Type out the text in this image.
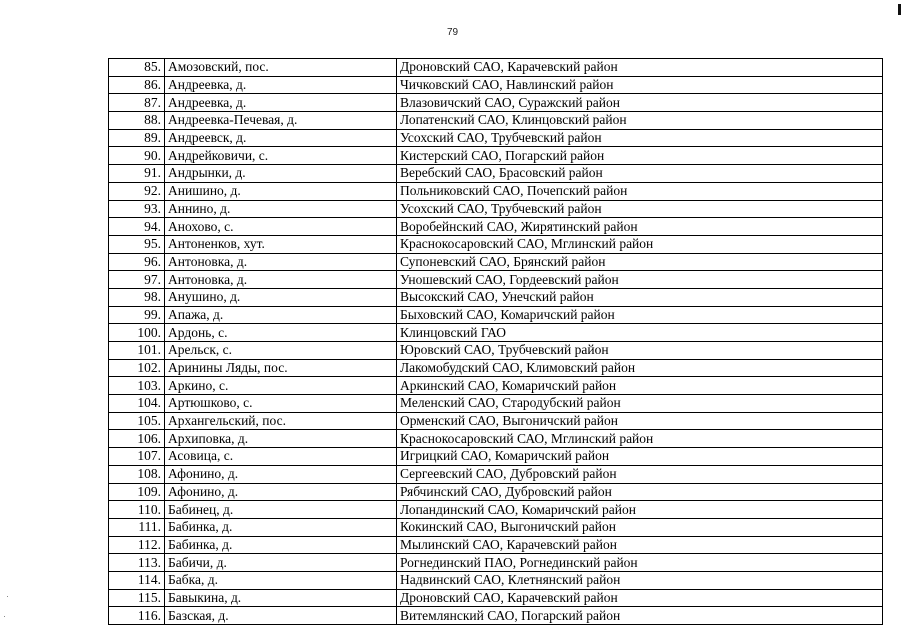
79
85.	Амозовский, пос.	Дроновский САО, Карачевский район
86.	Андреевка, д.	Чичковский САО, Навлинский район
87.	Андреевка, д.	Влазовичский САО, Суражский район
88.	Андреевка-Печевая, д.	Лопатенский САО, Клинцовский район
89.	Андреевск, д.	Усохский САО, Трубчевский район
90.	Андрейковичи, с.	Кистерский САО, Погарский район
91.	Андрынки, д.	Веребский САО, Брасовский район
92.	Анишино, д.	Польниковский САО, Почепский район
93.	Аннино, д.	Усохский САО, Трубчевский район
94.	Анохово, с.	Воробейнский САО, Жирятинский район
95.	Антоненков, хут.	Краснокосаровский САО, Мглинский район
96.	Антоновка, д.	Супоневский САО, Брянский район
97.	Антоновка, д.	Уношевский САО, Гордеевский район
98.	Анушино, д.	Высокский САО, Унечский район
99.	Апажа, д.	Быховский САО, Комаричский район
100.	Ардонь, с.	Клинцовский ГАО
101.	Арельск, с.	Юровский САО, Трубчевский район
102.	Аринины Ляды, пос.	Лакомобудский САО, Климовский район
103.	Аркино, с.	Аркинский САО, Комаричский район
104.	Артюшково, с.	Меленский САО, Стародубский район
105.	Архангельский, пос.	Орменский САО, Выгоничский район
106.	Архиповка, д.	Краснокосаровский САО, Мглинский район
107.	Асовица, с.	Игрицкий САО, Комаричский район
108.	Афонино, д.	Сергеевский САО, Дубровский район
109.	Афонино, д.	Рябчинский САО, Дубровский район
110.	Бабинец, д.	Лопандинский САО, Комаричский район
111.	Бабинка, д.	Кокинский САО, Выгоничский район
112.	Бабинка, д.	Мылинский САО, Карачевский район
113.	Бабичи, д.	Рогнединский ПАО, Рогнединский район
114.	Бабка, д.	Надвинский САО, Клетнянский район
115.	Бавыкина, д.	Дроновский САО, Карачевский район
116.	Базская, д.	Витемлянский САО, Погарский район
